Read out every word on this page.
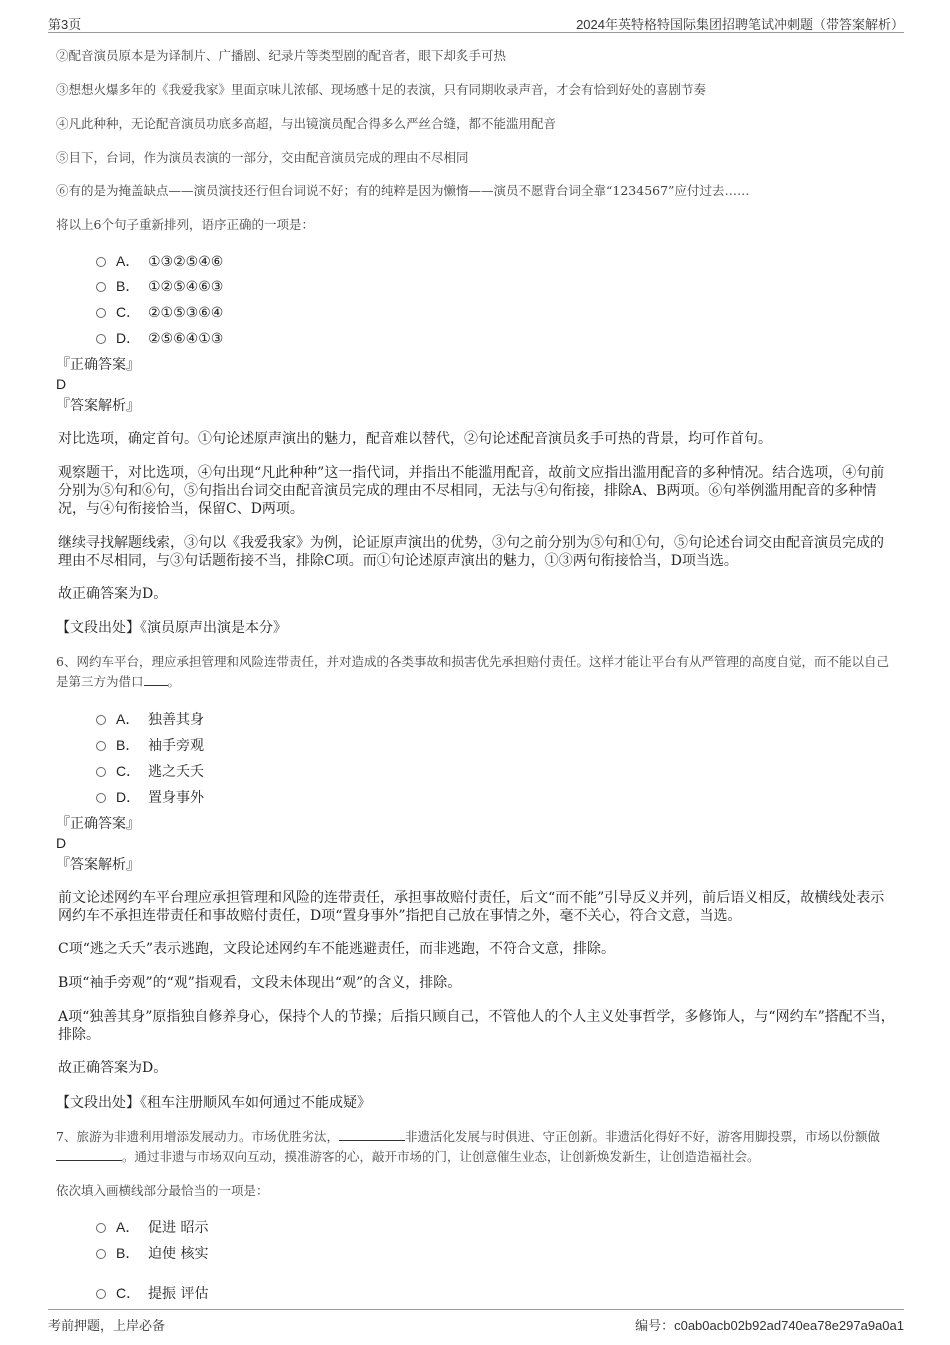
第3页	2024年英特格特国际集团招聘笔试冲刺题（带答案解析）

②配音演员原本是为译制片、广播剧、纪录片等类型剧的配音者，眼下却炙手可热

③想想火爆多年的《我爱我家》里面京味儿浓郁、现场感十足的表演，只有同期收录声音，才会有恰到好处的喜剧节奏

④凡此种种，无论配音演员功底多高超，与出镜演员配合得多么严丝合缝，都不能滥用配音

⑤目下，台词，作为演员表演的一部分，交由配音演员完成的理由不尽相同

⑥有的是为掩盖缺点——演员演技还行但台词说不好；有的纯粹是因为懒惰——演员不愿背台词全靠“1234567”应付过去……

将以上6个句子重新排列，语序正确的一项是：

A． ①③②⑤④⑥
B． ①②⑤④⑥③
C． ②①⑤③⑥④
D． ②⑤⑥④①③
『正确答案』
D
『答案解析』

对比选项，确定首句。①句论述原声演出的魅力，配音难以替代，②句论述配音演员炙手可热的背景，均可作首句。

观察题干，对比选项，④句出现“凡此种种”这一指代词，并指出不能滥用配音，故前文应指出滥用配音的多种情况。结合选项，④句前分别为⑤句和⑥句，⑤句指出台词交由配音演员完成的理由不尽相同，无法与④句衔接，排除A、B两项。⑥句举例滥用配音的多种情况，与④句衔接恰当，保留C、D两项。

继续寻找解题线索，③句以《我爱我家》为例，论证原声演出的优势，③句之前分别为⑤句和①句，⑤句论述台词交由配音演员完成的理由不尽相同，与③句话题衔接不当，排除C项。而①句论述原声演出的魅力，①③两句衔接恰当，D项当选。

故正确答案为D。

【文段出处】《演员原声出演是本分》

6、网约车平台，理应承担管理和风险连带责任，并对造成的各类事故和损害优先承担赔付责任。这样才能让平台有从严管理的高度自觉，而不能以自己是第三方为借口 。

A． 独善其身
B． 袖手旁观
C． 逃之夭夭
D． 置身事外
『正确答案』
D
『答案解析』

前文论述网约车平台理应承担管理和风险的连带责任，承担事故赔付责任，后文“而不能”引导反义并列，前后语义相反，故横线处表示网约车不承担连带责任和事故赔付责任，D项“置身事外”指把自己放在事情之外，毫不关心，符合文意，当选。

C项“逃之夭夭”表示逃跑，文段论述网约车不能逃避责任，而非逃跑，不符合文意，排除。

B项“袖手旁观”的“观”指观看，文段未体现出“观”的含义，排除。

A项“独善其身”原指独自修养身心，保持个人的节操；后指只顾自己，不管他人的个人主义处事哲学，多修饰人，与“网约车”搭配不当，排除。

故正确答案为D。

【文段出处】《租车注册顺风车如何通过不能成疑》

7、旅游为非遗利用增添发展动力。市场优胜劣汰，	非遗活化发展与时俱进、守正创新。非遗活化得好不好，游客用脚投票，市场以份额做。通过非遗与市场双向互动，摸准游客的心，敲开市场的门，让创意催生业态，让创新焕发新生，让创造造福社会。

依次填入画横线部分最恰当的一项是：

A． 促进 昭示
B． 迫使 核实
C． 提振 评估
考前押题，上岸必备	编号：c0ab0acb02b92ad740ea78e297a9a0a1
